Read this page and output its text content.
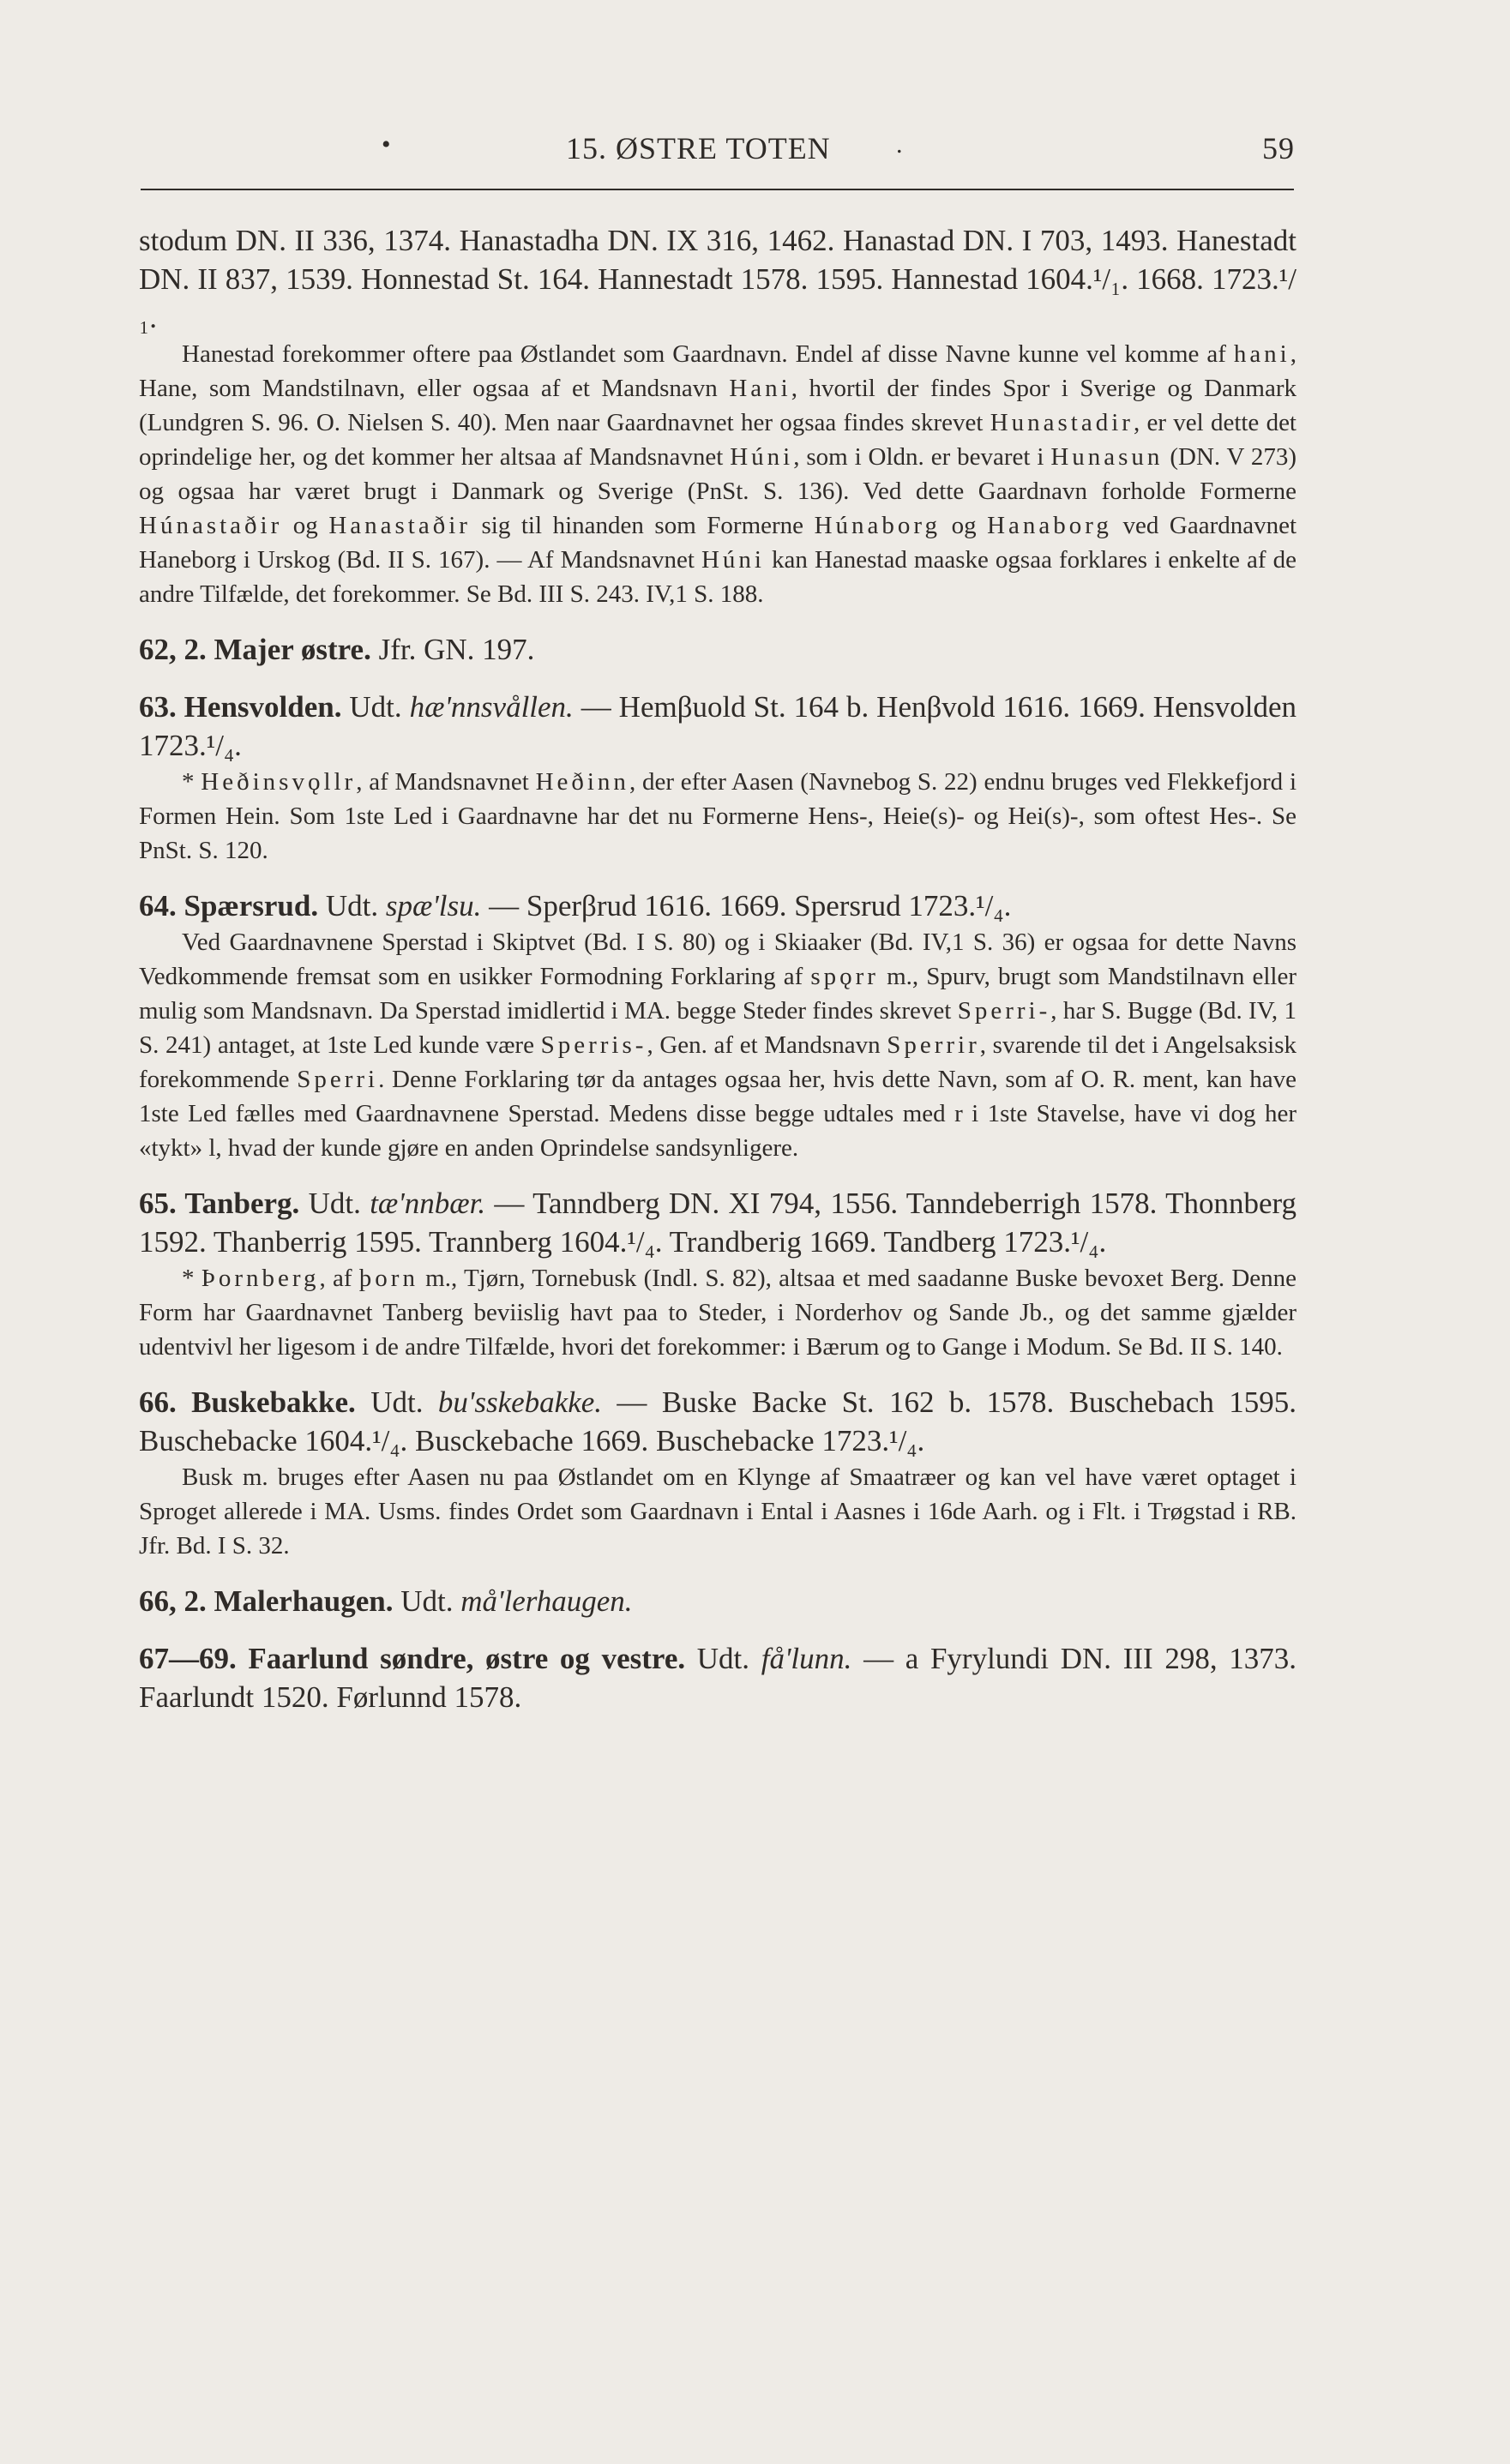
•	15. ØSTRE TOTEN	.	59

stodum DN. II 336, 1374. Hanastadha DN. IX 316, 1462. Hanastad DN. I 703, 1493. Hanestadt DN. II 837, 1539. Honnestad St. 164. Hannestadt 1578. 1595. Hannestad 1604.¹/₁. 1668. 1723.¹/₁.

Hanestad forekommer oftere paa Østlandet som Gaardnavn. Endel af disse Navne kunne vel komme af hani, Hane, som Mandstilnavn, eller ogsaa af et Mandsnavn Hani, hvortil der findes Spor i Sverige og Danmark (Lundgren S. 96. O. Nielsen S. 40). Men naar Gaardnavnet her ogsaa findes skrevet Hunastadir, er vel dette det oprindelige her, og det kommer her altsaa af Mandsnavnet Húni, som i Oldn. er bevaret i Hunasun (DN. V 273) og ogsaa har været brugt i Danmark og Sverige (PnSt. S. 136). Ved dette Gaardnavn forholde Formerne Húnastaðir og Hanastaðir sig til hinanden som Formerne Húnaborg og Hanaborg ved Gaardnavnet Haneborg i Urskog (Bd. II S. 167). — Af Mandsnavnet Húni kan Hanestad maaske ogsaa forklares i enkelte af de andre Tilfælde, det forekommer. Se Bd. III S. 243. IV,1 S. 188.

62, 2. Majer østre. Jfr. GN. 197.

63. Hensvolden. Udt. hæ'nnsvållen. — Hemβuold St. 164 b. Henβvold 1616. 1669. Hensvolden 1723.¹/₄.

* Heðinsvǫllr, af Mandsnavnet Heðinn, der efter Aasen (Navnebog S. 22) endnu bruges ved Flekkefjord i Formen Hein. Som 1ste Led i Gaardnavne har det nu Formerne Hens-, Heie(s)- og Hei(s)-, som oftest Hes-. Se PnSt. S. 120.

64. Spærsrud. Udt. spæ'lsu. — Sperβrud 1616. 1669. Spersrud 1723.¹/₄.

Ved Gaardnavnene Sperstad i Skiptvet (Bd. I S. 80) og i Skiaaker (Bd. IV,1 S. 36) er ogsaa for dette Navns Vedkommende fremsat som en usikker Formodning Forklaring af spǫrr m., Spurv, brugt som Mandstilnavn eller mulig som Mandsnavn. Da Sperstad imidlertid i MA. begge Steder findes skrevet Sperri-, har S. Bugge (Bd. IV, 1 S. 241) antaget, at 1ste Led kunde være Sperris-, Gen. af et Mandsnavn Sperrir, svarende til det i Angelsaksisk forekommende Sperri. Denne Forklaring tør da antages ogsaa her, hvis dette Navn, som af O. R. ment, kan have 1ste Led fælles med Gaardnavnene Sperstad. Medens disse begge udtales med r i 1ste Stavelse, have vi dog her «tykt» l, hvad der kunde gjøre en anden Oprindelse sandsynligere.

65. Tanberg. Udt. tæ'nnbær. — Tanndberg DN. XI 794, 1556. Tanndeberrigh 1578. Thonnberg 1592. Thanberrig 1595. Trannberg 1604.¹/₄. Trandberig 1669. Tandberg 1723.¹/₄.

* Þornberg, af þorn m., Tjørn, Tornebusk (Indl. S. 82), altsaa et med saadanne Buske bevoxet Berg. Denne Form har Gaardnavnet Tanberg beviislig havt paa to Steder, i Norderhov og Sande Jb., og det samme gjælder udentvivl her ligesom i de andre Tilfælde, hvori det forekommer: i Bærum og to Gange i Modum. Se Bd. II S. 140.

66. Buskebakke. Udt. bu'sskebakke. — Buske Backe St. 162 b. 1578. Buschebach 1595. Buschebacke 1604.¹/₄. Busckebache 1669. Buschebacke 1723.¹/₄.

Busk m. bruges efter Aasen nu paa Østlandet om en Klynge af Smaatræer og kan vel have været optaget i Sproget allerede i MA. Usms. findes Ordet som Gaardnavn i Ental i Aasnes i 16de Aarh. og i Flt. i Trøgstad i RB. Jfr. Bd. I S. 32.

66, 2. Malerhaugen. Udt. må'lerhaugen.

67—69. Faarlund søndre, østre og vestre. Udt. få'lunn. — a Fyrylundi DN. III 298, 1373. Faarlundt 1520. Førlunnd 1578.
